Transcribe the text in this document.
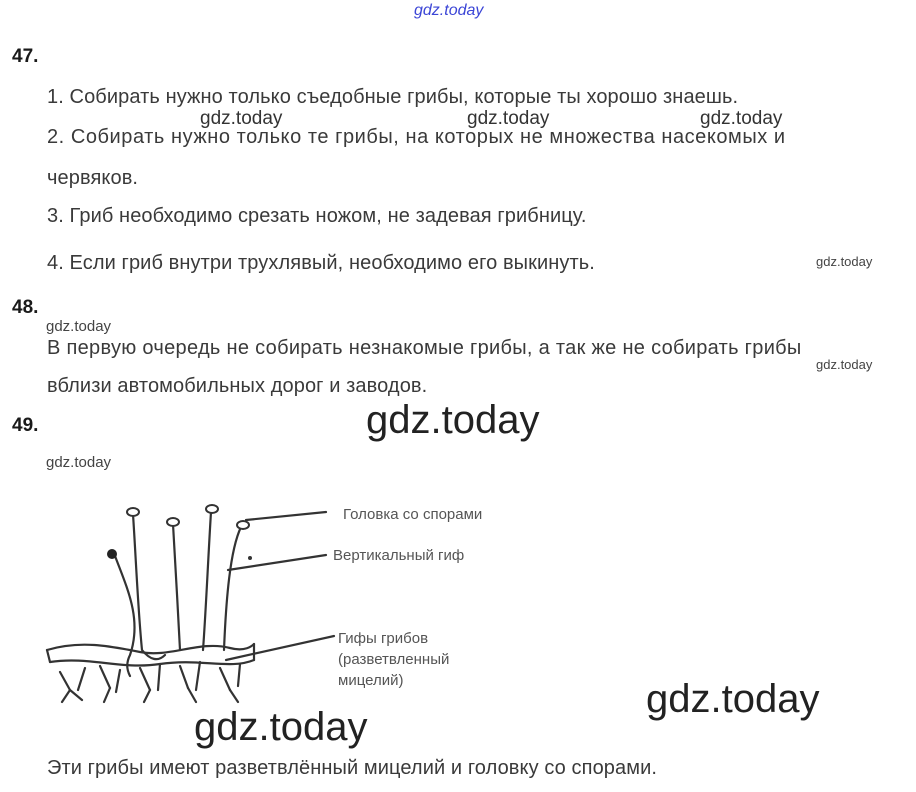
gdz.today
47.
1. Собирать нужно только съедобные грибы, которые ты хорошо знаешь.
gdz.today	gdz.today	gdz.today
2. Собирать нужно только те грибы, на которых не множества насекомых и
червяков.
3. Гриб необходимо срезать ножом, не задевая грибницу.
4. Если гриб внутри трухлявый, необходимо его выкинуть.	gdz.today
48.
gdz.today
В первую очередь не собирать незнакомые грибы, а так же не собирать грибы
gdz.today
вблизи автомобильных дорог и заводов.
49.	gdz.today
gdz.today
Головка со спорами
Вертикальный гиф
Гифы грибов
(разветвленный
мицелий)	gdz.today
gdz.today
Эти грибы имеют разветвлённый мицелий и головку со спорами.
